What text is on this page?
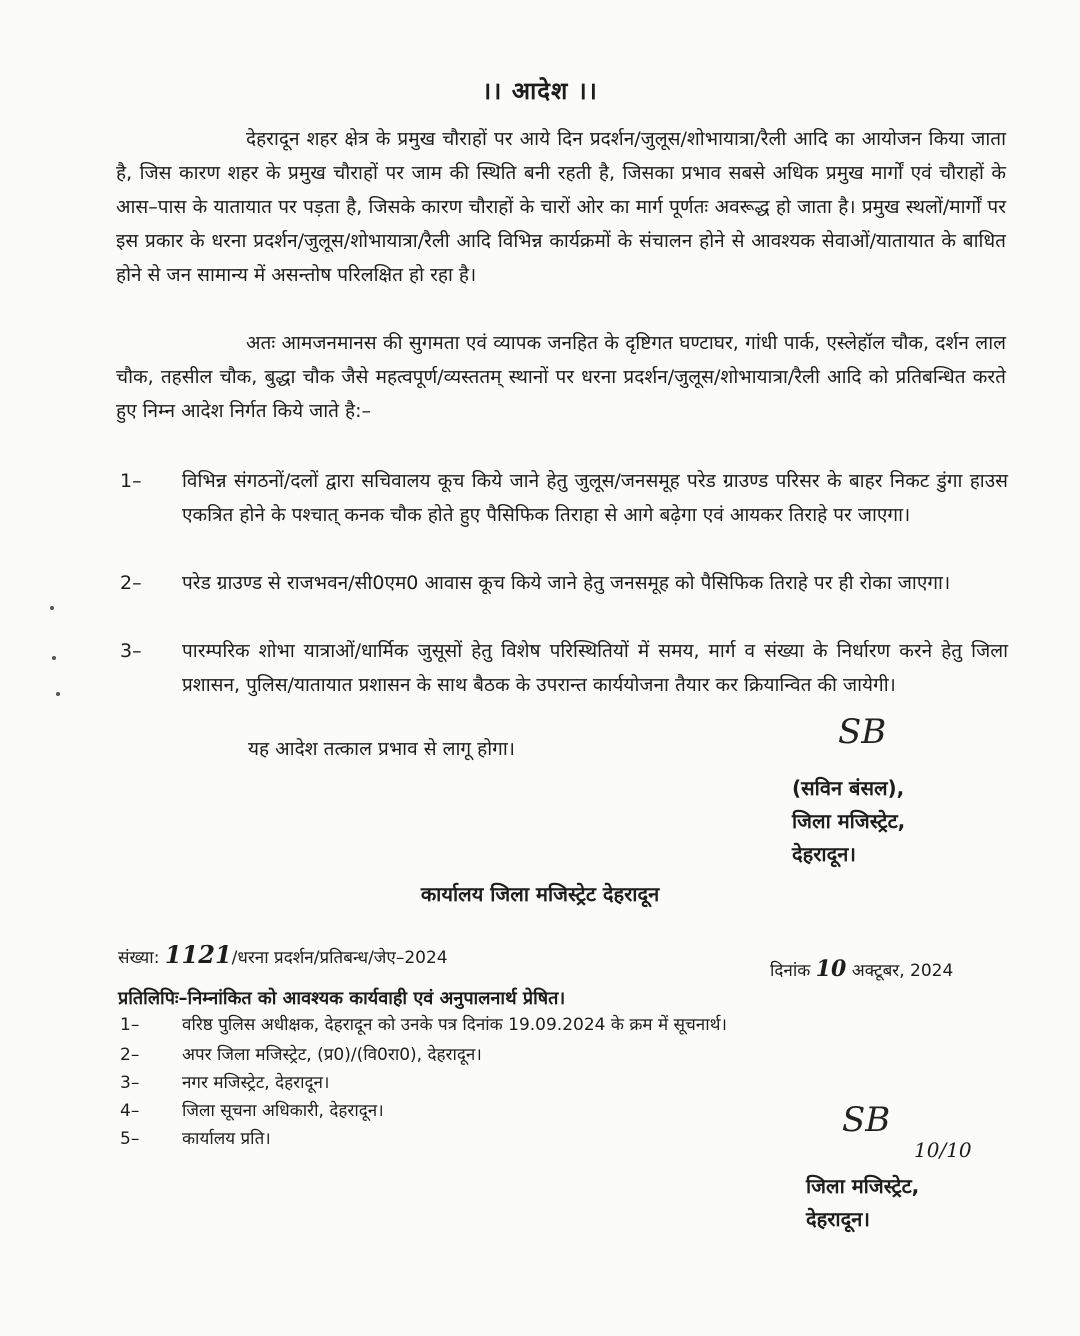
।। आदेश ।।
देहरादून शहर क्षेत्र के प्रमुख चौराहों पर आये दिन प्रदर्शन/जुलूस/शोभायात्रा/रैली आदि का आयोजन किया जाता है, जिस कारण शहर के प्रमुख चौराहों पर जाम की स्थिति बनी रहती है, जिसका प्रभाव सबसे अधिक प्रमुख मार्गों एवं चौराहों के आस–पास के यातायात पर पड़ता है, जिसके कारण चौराहों के चारों ओर का मार्ग पूर्णतः अवरूद्ध हो जाता है। प्रमुख स्थलों/मार्गों पर इस प्रकार के धरना प्रदर्शन/जुलूस/शोभायात्रा/रैली आदि विभिन्न कार्यक्रमों के संचालन होने से आवश्यक सेवाओं/यातायात के बाधित होने से जन सामान्य में असन्तोष परिलक्षित हो रहा है।
अतः आमजनमानस की सुगमता एवं व्यापक जनहित के दृष्टिगत घण्टाघर, गांधी पार्क, एस्लेहॉल चौक, दर्शन लाल चौक, तहसील चौक, बुद्धा चौक जैसे महत्वपूर्ण/व्यस्ततम् स्थानों पर धरना प्रदर्शन/जुलूस/शोभायात्रा/रैली आदि को प्रतिबन्धित करते हुए निम्न आदेश निर्गत किये जाते है:–
1–	विभिन्न संगठनों/दलों द्वारा सचिवालय कूच किये जाने हेतु जुलूस/जनसमूह परेड ग्राउण्ड परिसर के बाहर निकट डुंगा हाउस एकत्रित होने के पश्चात् कनक चौक होते हुए पैसिफिक तिराहा से आगे बढ़ेगा एवं आयकर तिराहे पर जाएगा।
2–	परेड ग्राउण्ड से राजभवन/सी0एम0 आवास कूच किये जाने हेतु जनसमूह को पैसिफिक तिराहे पर ही रोका जाएगा।
3–	पारम्परिक शोभा यात्राओं/धार्मिक जुसूसों हेतु विशेष परिस्थितियों में समय, मार्ग व संख्या के निर्धारण करने हेतु जिला प्रशासन, पुलिस/यातायात प्रशासन के साथ बैठक के उपरान्त कार्ययोजना तैयार कर क्रियान्वित की जायेगी।
यह आदेश तत्काल प्रभाव से लागू होगा।	SB
(सविन बंसल),
जिला मजिस्ट्रेट,
देहरादून।
कार्यालय जिला मजिस्ट्रेट देहरादून
संख्या: 1121/धरना प्रदर्शन/प्रतिबन्ध/जेए–2024
दिनांक 10 अक्टूबर, 2024
प्रतिलिपिः–निम्नांकित को आवश्यक कार्यवाही एवं अनुपालनार्थ प्रेषित।
1–	वरिष्ठ पुलिस अधीक्षक, देहरादून को उनके पत्र दिनांक 19.09.2024 के क्रम में सूचनार्थ।
2–	अपर जिला मजिस्ट्रेट, (प्र0)/(वि0रा0), देहरादून।
3–	नगर मजिस्ट्रेट, देहरादून।
4–	जिला सूचना अधिकारी, देहरादून।
5–	कार्यालय प्रति।	SB
10/10
जिला मजिस्ट्रेट,
देहरादून।
